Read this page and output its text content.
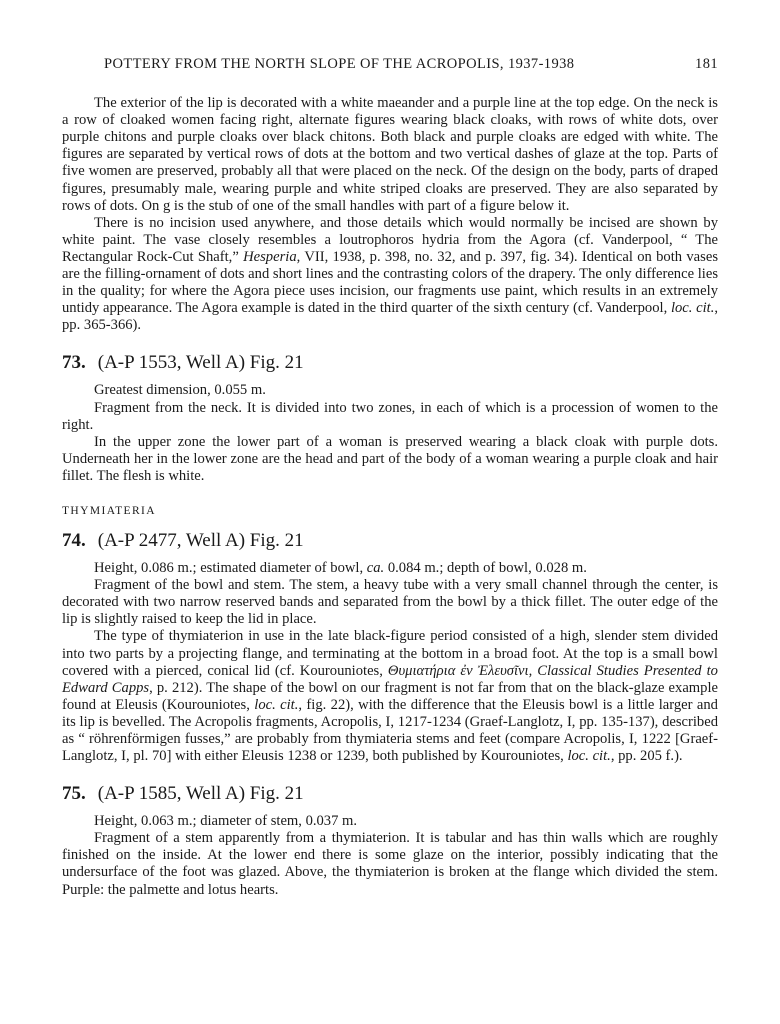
POTTERY FROM THE NORTH SLOPE OF THE ACROPOLIS, 1937-1938	181

The exterior of the lip is decorated with a white maeander and a purple line at the top edge. On the neck is a row of cloaked women facing right, alternate figures wearing black cloaks, with rows of white dots, over purple chitons and purple cloaks over black chitons. Both black and purple cloaks are edged with white. The figures are separated by vertical rows of dots at the bottom and two vertical dashes of glaze at the top. Parts of five women are preserved, probably all that were placed on the neck. Of the design on the body, parts of draped figures, presumably male, wearing purple and white striped cloaks are preserved. They are also separated by rows of dots. On g is the stub of one of the small handles with part of a figure below it.

There is no incision used anywhere, and those details which would normally be incised are shown by white paint. The vase closely resembles a loutrophoros hydria from the Agora (cf. Vanderpool, “ The Rectangular Rock-Cut Shaft,” Hesperia, VII, 1938, p. 398, no. 32, and p. 397, fig. 34). Identical on both vases are the filling-ornament of dots and short lines and the contrasting colors of the drapery. The only difference lies in the quality; for where the Agora piece uses incision, our fragments use paint, which results in an extremely untidy appearance. The Agora example is dated in the third quarter of the sixth century (cf. Vanderpool, loc. cit., pp. 365-366).

73. (A-P 1553, Well A) Fig. 21

Greatest dimension, 0.055 m.

Fragment from the neck. It is divided into two zones, in each of which is a procession of women to the right.

In the upper zone the lower part of a woman is preserved wearing a black cloak with purple dots. Underneath her in the lower zone are the head and part of the body of a woman wearing a purple cloak and hair fillet. The flesh is white.

THYMIATERIA
74. (A-P 2477, Well A) Fig. 21

Height, 0.086 m.; estimated diameter of bowl, ca. 0.084 m.; depth of bowl, 0.028 m.

Fragment of the bowl and stem. The stem, a heavy tube with a very small channel through the center, is decorated with two narrow reserved bands and separated from the bowl by a thick fillet. The outer edge of the lip is slightly raised to keep the lid in place.

The type of thymiaterion in use in the late black-figure period consisted of a high, slender stem divided into two parts by a projecting flange, and terminating at the bottom in a broad foot. At the top is a small bowl covered with a pierced, conical lid (cf. Kourouniotes, Θυμιατήρια ἐν Ἐλευσῖνι, Classical Studies Presented to Edward Capps, p. 212). The shape of the bowl on our fragment is not far from that on the black-glaze example found at Eleusis (Kourouniotes, loc. cit., fig. 22), with the difference that the Eleusis bowl is a little larger and its lip is bevelled. The Acropolis fragments, Acropolis, I, 1217-1234 (Graef-Langlotz, I, pp. 135-137), described as “ röhrenförmigen fusses,” are probably from thymiateria stems and feet (compare Acropolis, I, 1222 [Graef-Langlotz, I, pl. 70] with either Eleusis 1238 or 1239, both published by Kourouniotes, loc. cit., pp. 205 f.).

75. (A-P 1585, Well A) Fig. 21

Height, 0.063 m.; diameter of stem, 0.037 m.

Fragment of a stem apparently from a thymiaterion. It is tabular and has thin walls which are roughly finished on the inside. At the lower end there is some glaze on the interior, possibly indicating that the undersurface of the foot was glazed. Above, the thymiaterion is broken at the flange which divided the stem. Purple: the palmette and lotus hearts.
